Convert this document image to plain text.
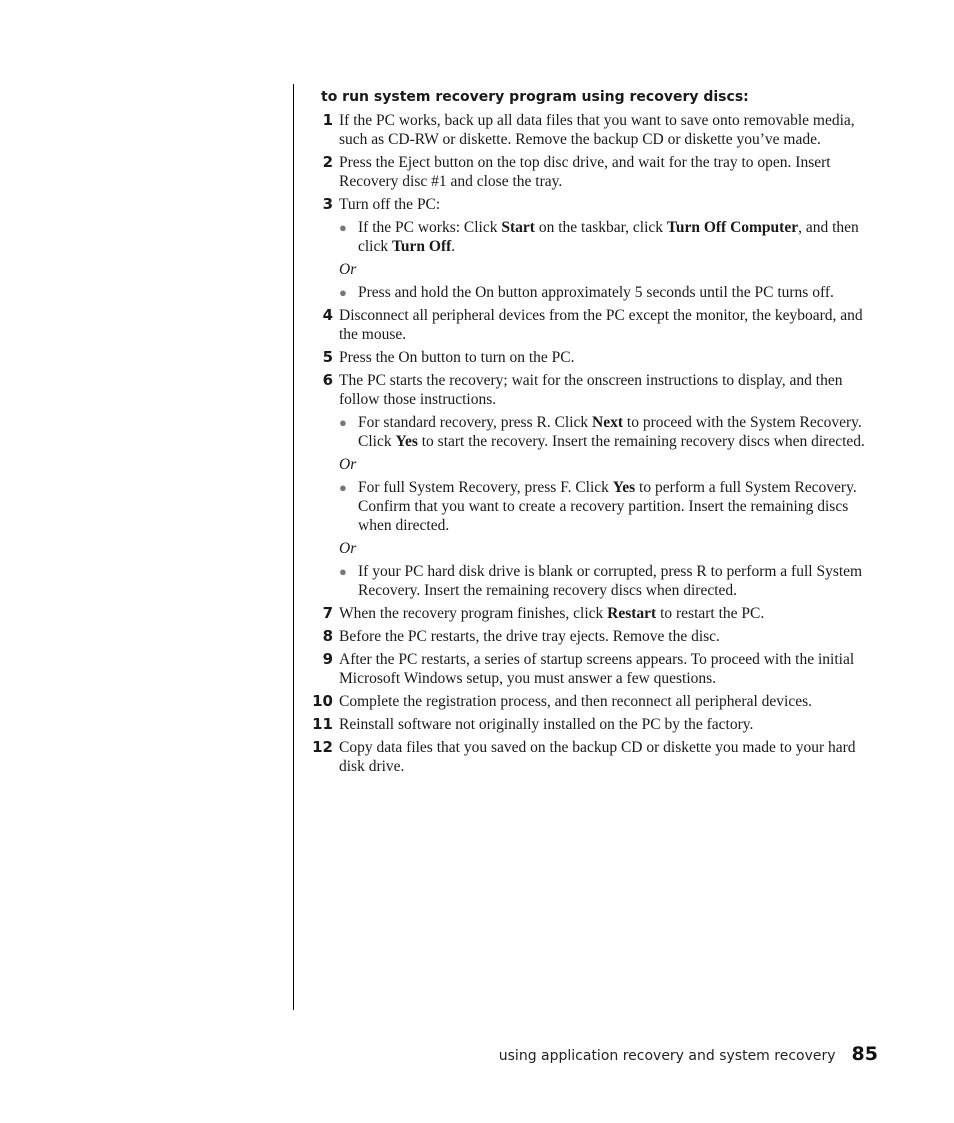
to run system recovery program using recovery discs:
1 If the PC works, back up all data files that you want to save onto removable media, such as CD-RW or diskette. Remove the backup CD or diskette you’ve made.
2 Press the Eject button on the top disc drive, and wait for the tray to open. Insert Recovery disc #1 and close the tray.
3 Turn off the PC:
● If the PC works: Click Start on the taskbar, click Turn Off Computer, and then click Turn Off.
Or
● Press and hold the On button approximately 5 seconds until the PC turns off.
4 Disconnect all peripheral devices from the PC except the monitor, the keyboard, and the mouse.
5 Press the On button to turn on the PC.
6 The PC starts the recovery; wait for the onscreen instructions to display, and then follow those instructions.
● For standard recovery, press R. Click Next to proceed with the System Recovery. Click Yes to start the recovery. Insert the remaining recovery discs when directed.
Or
● For full System Recovery, press F. Click Yes to perform a full System Recovery. Confirm that you want to create a recovery partition. Insert the remaining discs when directed.
Or
● If your PC hard disk drive is blank or corrupted, press R to perform a full System Recovery. Insert the remaining recovery discs when directed.
7 When the recovery program finishes, click Restart to restart the PC.
8 Before the PC restarts, the drive tray ejects. Remove the disc.
9 After the PC restarts, a series of startup screens appears. To proceed with the initial Microsoft Windows setup, you must answer a few questions.
10 Complete the registration process, and then reconnect all peripheral devices.
11 Reinstall software not originally installed on the PC by the factory.
12 Copy data files that you saved on the backup CD or diskette you made to your hard disk drive.
using application recovery and system recovery 85
